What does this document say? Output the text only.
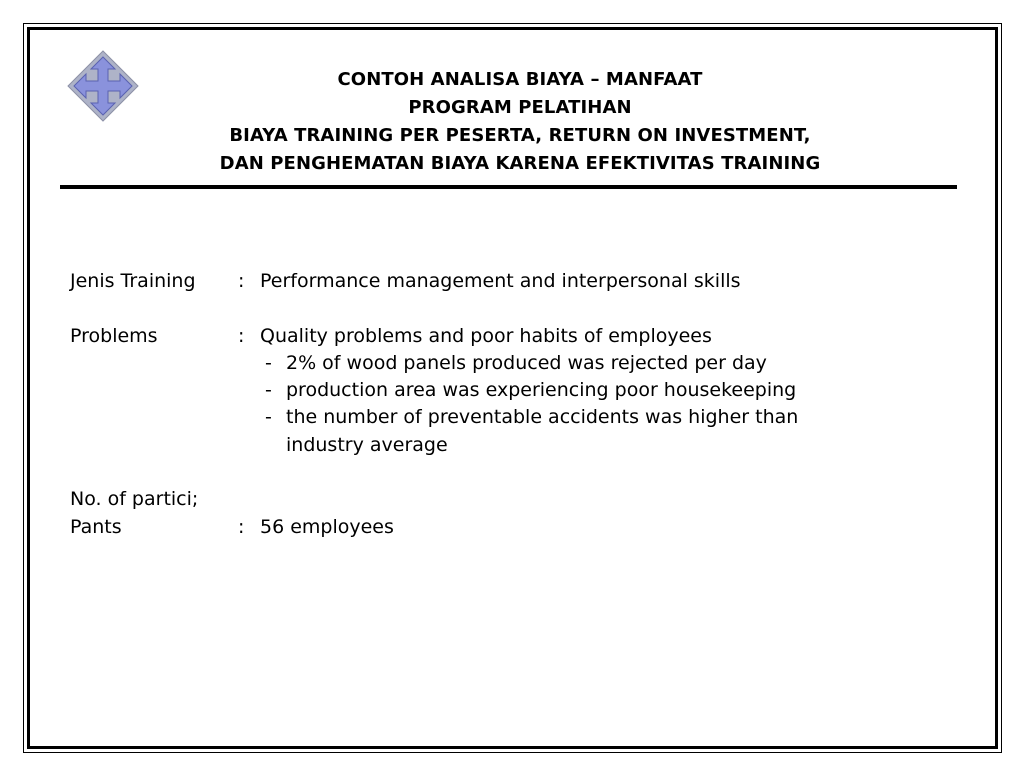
CONTOH ANALISA BIAYA – MANFAAT
PROGRAM PELATIHAN
BIAYA TRAINING PER PESERTA, RETURN ON INVESTMENT,
DAN PENGHEMATAN BIAYA KARENA EFEKTIVITAS TRAINING
Jenis Training	: Performance management and interpersonal skills
Problems	: Quality problems and poor habits of employees
- 2% of wood panels produced was rejected per day
- production area was experiencing poor housekeeping
- the number of preventable accidents was higher than
industry average
No. of partici;
Pants	: 56 employees
